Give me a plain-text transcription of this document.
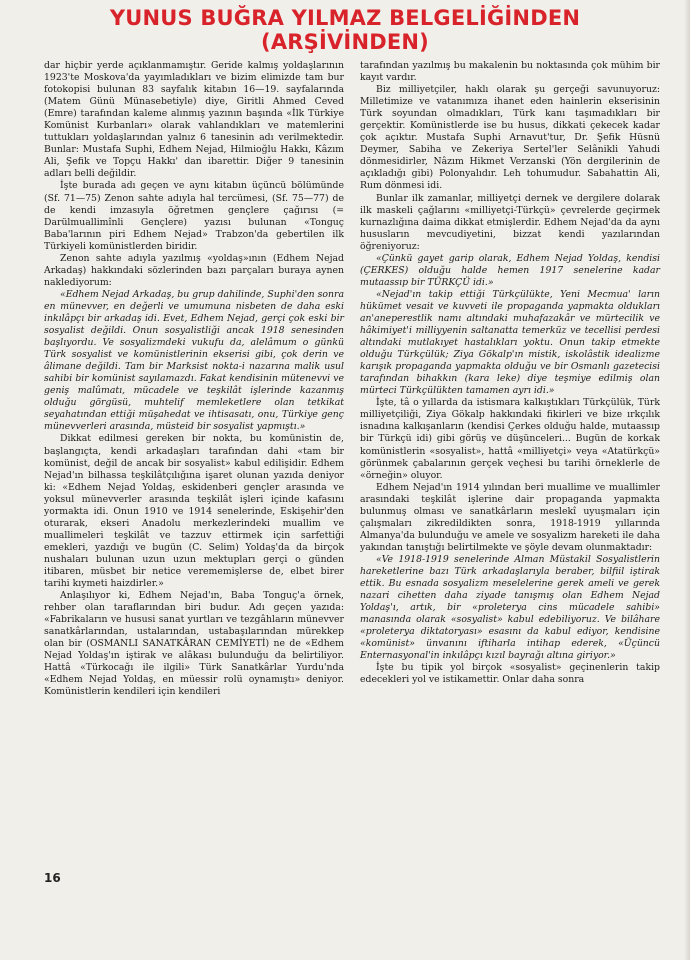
YUNUS BUĞRA YILMAZ BELGELİĞİNDEN
(ARŞİVİNDEN)

dar hiçbir yerde açıklanmamıştır. Geride kalmış yoldaşlarının 1923'te Moskova'da yayımladıkları ve bizim elimizde tam bur fotokopisi bulunan 83 sayfalık kitabın 16—19. sayfalarında (Matem Günü Münasebetiyle) diye, Giritli Ahmed Ceved (Emre) tarafından kaleme alınmış yazının başında «İlk Türkiye Komünist Kurbanları» olarak vahlandıkları ve matemlerini tuttukları yoldaşlarından yalnız 6 tanesinin adı verilmektedir. Bunlar: Mustafa Suphi, Edhem Nejad, Hilmioğlu Hakkı, Kâzım Ali, Şefik ve Topçu Hakkı' dan ibarettir. Diğer 9 tanesinin adları belli değildir.

İşte burada adı geçen ve aynı kitabın üçüncü bölümünde (Sf. 71—75) Zenon sahte adıyla hal tercümesi, (Sf. 75—77) de de kendi imzasıyla öğretmen gençlere çağırısı (= Darülmuallimînli Gençlere) yazısı bulunan «Tonguç Baba'larının piri Edhem Nejad» Trabzon'da gebertilen ilk Türkiyeli komünistlerden biridir.

Zenon sahte adıyla yazılmış «yoldaş»ının (Edhem Nejad Arkadaş) hakkındaki sözlerinden bazı parçaları buraya aynen naklediyorum:

«Edhem Nejad Arkadaş, bu grup dahilinde, Suphi'den sonra en münevver, en değerli ve umumuna nisbeten de daha eski inkılâpçı bir arkadaş idi. Evet, Edhem Nejad, gerçi çok eski bir sosyalist değildi. Onun sosyalistliği ancak 1918 senesinden başlıyordu. Ve sosyalizmdeki vukufu da, alelâmum o günkü Türk sosyalist ve komünistlerinin ekserisi gibi, çok derin ve âlimane değildi. Tam bir Marksist nokta-i nazarına malik usul sahibi bir komünist sayılamazdı. Fakat kendisinin mütenevvi ve geniş malûmatı, mücadele ve teşkilât işlerinde kazanmış olduğu görgüsü, muhtelif memleketlere olan tetkikat seyahatından ettiği müşahedat ve ihtisasatı, onu, Türkiye genç münevverleri arasında, müsteid bir sosyalist yapmıştı.»

Dikkat edilmesi gereken bir nokta, bu komünistin de, başlangıçta, kendi arkadaşları tarafından dahi «tam bir komünist, değil de ancak bir sosyalist» kabul edilişidir. Edhem Nejad'ın bilhassa teşkilâtçılığına işaret olunan yazıda deniyor ki: «Edhem Nejad Yoldaş, eskidenberi gençler arasında ve yoksul münevverler arasında teşkilât işleri içinde kafasını yormakta idi. Onun 1910 ve 1914 senelerinde, Eskişehir'den oturarak, ekseri Anadolu merkezlerindeki muallim ve muallimeleri teşkilât ve tazzuv ettirmek için sarfettiği emekleri, yazdığı ve bugün (C. Selim) Yoldaş'da da birçok nushaları bulunan uzun uzun mektupları gerçi o günden itibaren, müsbet bir netice verememişlerse de, elbet birer tarihi kıymeti haizdirler.»

Anlaşılıyor ki, Edhem Nejad'ın, Baba Tonguç'a örnek, rehber olan taraflarından biri budur. Adı geçen yazıda: «Fabrikaların ve hususi sanat yurtları ve tezgâhların münevver sanatkârlarından, ustalarından, ustabaşılarından mürekkep olan bir (OSMANLI SANATKÂRAN CEMİYETİ) ne de «Edhem Nejad Yoldaş'ın iştirak ve alâkası bulunduğu da belirtiliyor. Hattâ «Türkocağı ile ilgili» Türk Sanatkârlar Yurdu'nda «Edhem Nejad Yoldaş, en müessir rolü oynamıştı» deniyor. Komünistlerin kendileri için kendileri

tarafından yazılmış bu makalenin bu noktasında çok mühim bir kayıt vardır.

Biz milliyetçiler, haklı olarak şu gerçeği savunuyoruz: Milletimize ve vatanımıza ihanet eden hainlerin ekserisinin Türk soyundan olmadıkları, Türk kanı taşımadıkları bir gerçektir. Komünistlerde ise bu husus, dikkati çekecek kadar çok açıktır. Mustafa Suphi Arnavut'tur, Dr. Şefik Hüsnü Deymer, Sabiha ve Zekeriya Sertel'ler Selânikli Yahudi dönmesidirler, Nâzım Hikmet Verzanski (Yön dergilerinin de açıkladığı gibi) Polonyalıdır. Leh tohumudur. Sabahattin Ali, Rum dönmesi idi.

Bunlar ilk zamanlar, milliyetçi dernek ve dergilere dolarak ilk maskeli çağlarını «milliyetçi-Türkçü» çevrelerde geçirmek kurnazlığına daima dikkat etmişlerdir. Edhem Nejad'da da aynı hususların mevcudiyetini, bizzat kendi yazılarından öğreniyoruz:

«Çünkü gayet garip olarak, Edhem Nejad Yoldaş, kendisi (ÇERKES) olduğu halde hemen 1917 senelerine kadar mutaassıp bir TÜRKÇÜ idi.»

«Nejad'ın takip ettiği Türkçülükte, Yeni Mecmua' ların hükümet vesait ve kuvveti ile propaganda yapmakta oldukları an'aneperestlik namı altındaki muhafazakâr ve mürtecilik ve hâkimiyet'i milliyyenin saltanatta temerküz ve tecellisi perdesi altındaki mutlakıyet hastalıkları yoktu. Onun takip etmekte olduğu Türkçülük; Ziya Gökalp'ın mistik, iskolâstik idealizme karışık propaganda yapmakta olduğu ve bir Osmanlı gazetecisi tarafından bihakkın (kara leke) diye teşmiye edilmiş olan mürteci Türkçülükten tamamen ayrı idi.»

İşte, tâ o yıllarda da istismara kalkıştıkları Türkçülük, Türk milliyetçiliği, Ziya Gökalp hakkındaki fikirleri ve bize ırkçılık isnadına kalkışanların (kendisi Çerkes olduğu halde, mutaassıp bir Türkçü idi) gibi görüş ve düşünceleri... Bugün de korkak komünistlerin «sosyalist», hattâ «milliyetçi» veya «Atatürkçü» görünmek çabalarının gerçek veçhesi bu tarihi örneklerle de «örneğin» oluyor.

Edhem Nejad'ın 1914 yılından beri muallime ve muallimler arasındaki teşkilât işlerine dair propaganda yapmakta bulunmuş olması ve sanatkârların meslekî uyuşmaları için çalışmaları zikredildikten sonra, 1918-1919 yıllarında Almanya'da bulunduğu ve amele ve sosyalizm hareketi ile daha yakından tanıştığı belirtilmekte ve şöyle devam olunmaktadır:

«Ve 1918-1919 senelerinde Alman Müstakil Sosyalistlerin hareketlerine bazı Türk arkadaşlarıyla beraber, bilfiil iştirak ettik. Bu esnada sosyalizm meselelerine gerek ameli ve gerek nazari cihetten daha ziyade tanışmış olan Edhem Nejad Yoldaş'ı, artık, bir «proleterya cins mücadele sahibi» manasında olarak «sosyalist» kabul edebiliyoruz. Ve bilâhare «proleterya diktatoryası» esasını da kabul ediyor, kendisine «komünist» ünvanını iftiharla intihap ederek, «Üçüncü Enternasyonal'in inkılâpçı kızıl bayrağı altına giriyor.»

İşte bu tipik yol birçok «sosyalist» geçinenlerin takip edecekleri yol ve istikamettir. Onlar daha sonra

16
